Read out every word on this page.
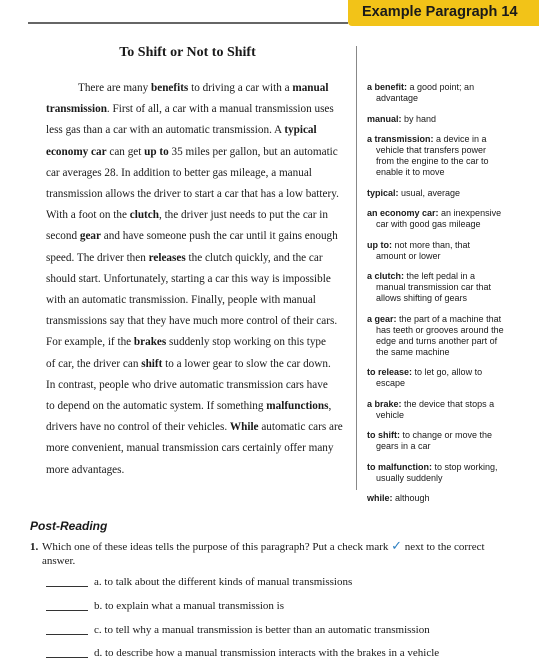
Example Paragraph 14
To Shift or Not to Shift

There are many benefits to driving a car with a manual
transmission. First of all, a car with a manual transmission uses
less gas than a car with an automatic transmission. A typical
economy car can get up to 35 miles per gallon, but an automatic
car averages 28. In addition to better gas mileage, a manual
transmission allows the driver to start a car that has a low battery.
With a foot on the clutch, the driver just needs to put the car in
second gear and have someone push the car until it gains enough
speed. The driver then releases the clutch quickly, and the car
should start. Unfortunately, starting a car this way is impossible
with an automatic transmission. Finally, people with manual
transmissions say that they have much more control of their cars.
For example, if the brakes suddenly stop working on this type
of car, the driver can shift to a lower gear to slow the car down.
In contrast, people who drive automatic transmission cars have
to depend on the automatic system. If something malfunctions,
drivers have no control of their vehicles. While automatic cars are
more convenient, manual transmission cars certainly offer many
more advantages.

a benefit: a good point; an
advantage
manual: by hand
a transmission: a device in a
vehicle that transfers power
from the engine to the car to
enable it to move
typical: usual, average
an economy car: an inexpensive
car with good gas mileage
up to: not more than, that
amount or lower
a clutch: the left pedal in a
manual transmission car that
allows shifting of gears
a gear: the part of a machine that
has teeth or grooves around the
edge and turns another part of
the same machine
to release: to let go, allow to
escape
a brake: the device that stops a
vehicle
to shift: to change or move the
gears in a car
to malfunction: to stop working,
usually suddenly
while: although
Post-Reading
1. Which one of these ideas tells the purpose of this paragraph? Put a check mark ✓ next to the correct
answer.
a. to talk about the different kinds of manual transmissions
b. to explain what a manual transmission is
c. to tell why a manual transmission is better than an automatic transmission
d. to describe how a manual transmission interacts with the brakes in a vehicle
